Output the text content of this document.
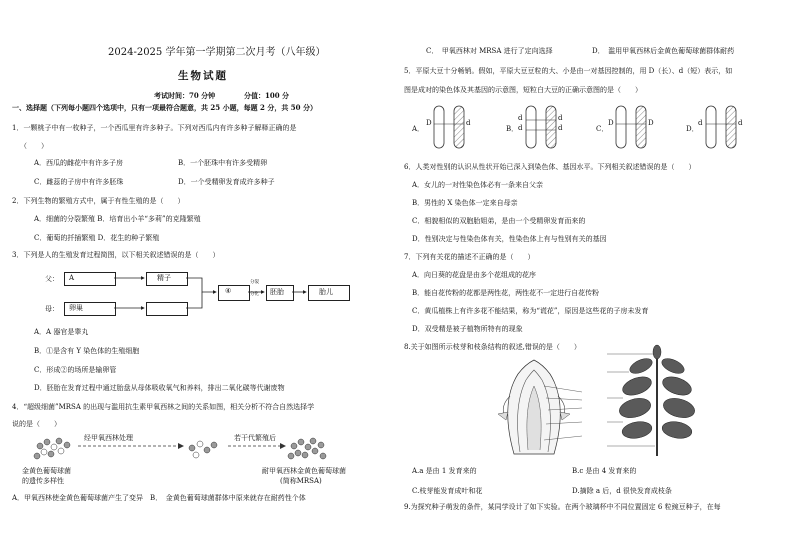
2024-2025 学年第一学期第二次月考（八年级）
生物试题
考试时间：70 分钟	分值：100 分
一、选择题（下列每小题四个选项中，只有一项最符合题意，共 25 小题，每题 2 分，共 50 分）
1．一颗桃子中有一枚种子，一个西瓜里有许多种子。下列对西瓜内有许多种子解释正确的是
（　　）
A．西瓜的雌花中有许多子房	B．一个胚珠中有许多受精卵
C．雌蕊的子房中有许多胚珠	D．一个受精卵发育成许多种子
2．下列生物的繁殖方式中，属于有性生殖的是（　　）
A．细菌的分裂繁殖 B．培育出小羊“多莉”的克隆繁殖
C．葡萄的扦插繁殖 D．花生的种子繁殖
3．下列是人的生殖发育过程简图，以下相关叙述错误的是（　　）
父：
母：
A
卵巢
精子
④	胚胎	胎儿
分裂
分化
A．A 器官是睾丸
B．①是含有 Y 染色体的生殖细胞
C．形成②的场所是输卵管
D．胚胎在发育过程中通过胎盘从母体吸收氧气和养料，排出二氧化碳等代谢废物
4．“超级细菌”MRSA 的出现与滥用抗生素甲氧西林之间的关系如图，相关分析不符合自然选择学
说的是（　　）
经甲氧西林处理	若干代繁殖后
金黄色葡萄球菌
的遗传多样性
耐甲氧西林金黄色葡萄球菌
(简称MRSA)
A．甲氧西林使金黄色葡萄球菌产生了变异　B．　金黄色葡萄球菌群体中原来就存在耐药性个体
C．　甲氧西林对 MRSA 进行了定向选择	D．　滥用甲氧西林后金黄色葡萄球菌群体耐药
5．平原大豆十分畅销。假如，平原大豆豆粒的大、小是由一对基因控制的，用 D（长）、d（短）表示，如
图是成对的染色体及其基因的示意图，短粒白大豆的正确示意图的是（　　）
A．	B．	C．	D．
D	d
d
d
d
d
D	D	d	d
6．人类对性别的认识从性状开始已深入到染色体、基因水平。下列相关叙述错误的是（　　）
A．女儿的一对性染色体必有一条来自父亲
B．男性的 X 染色体一定来自母亲
C．相貌相似的双胞胎姐弟，是由一个受精卵发育而来的
D．性别决定与性染色体有关，性染色体上有与性别有关的基因
7．下列有关花的描述不正确的是（　　）
A．向日葵的花盘是由多个花组成的花序
B．能自花传粉的花都是两性花，两性花不一定进行自花传粉
C．黄瓜植株上有许多花不能结果，称为“谎花”，原因是这些花的子房未发育
D．双受精是被子植物所特有的现象
8.关于如图所示枝芽和枝条结构的叙述,错误的是（　　）
A.a 是由 1 发育来的	B.c 是由 4 发育来的
C.枝芽能发育成叶和花	D.摘除 a 后，d 很快发育成枝条
9.为探究种子萌发的条件，某同学设计了如下实验。在两个玻璃杯中不同位置固定 6 粒豌豆种子，在每
